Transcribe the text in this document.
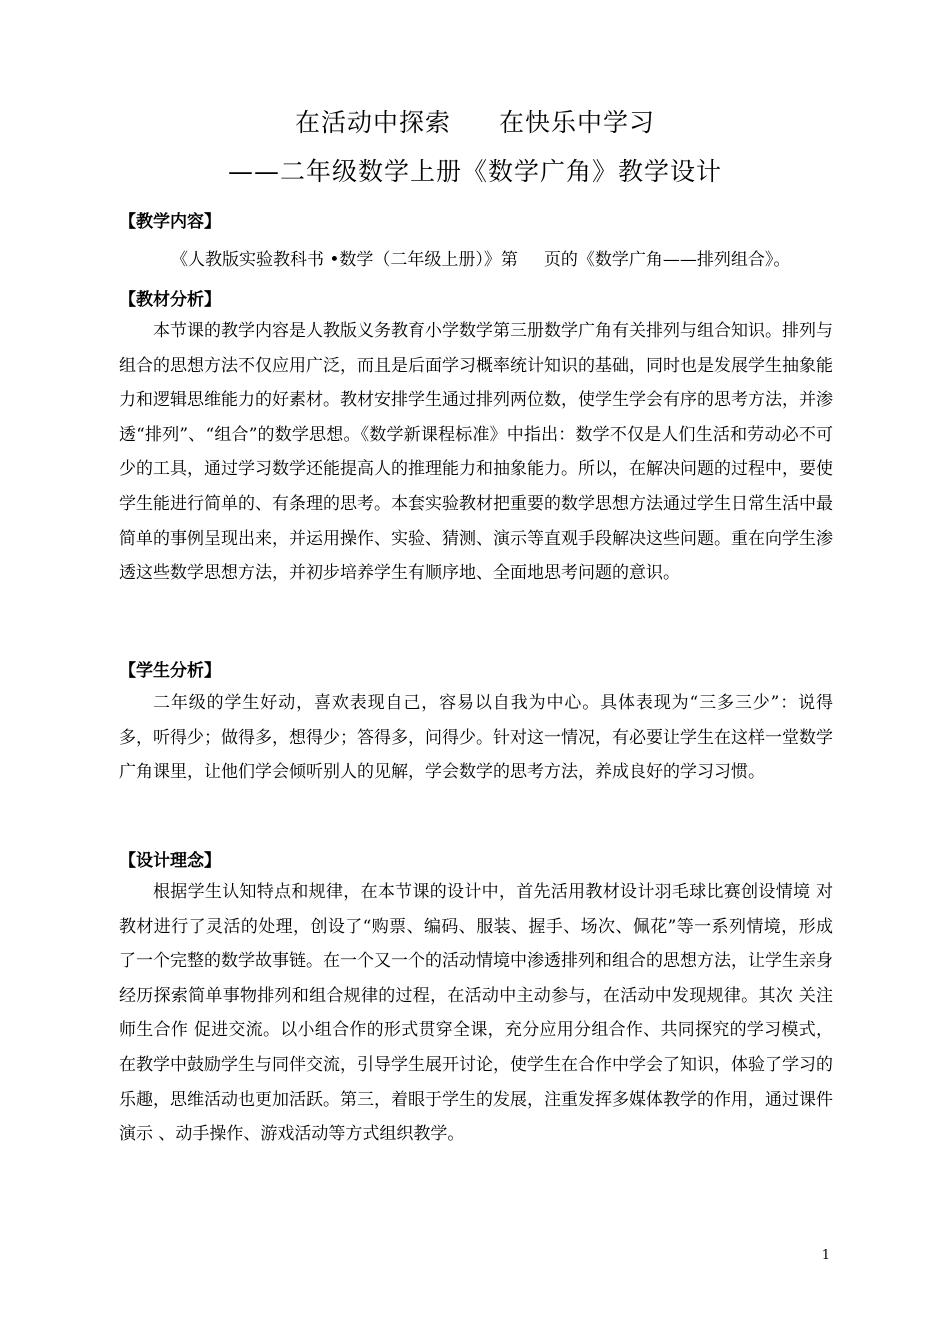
在活动中探索 在快乐中学习
——二年级数学上册《数学广角》教学设计
【教学内容】
《人教版实验教科书 •数学（二年级上册）》第 页的《数学广角——排列组合》。
【教材分析】

本节课的教学内容是人教版义务教育小学数学第三册数学广角有关排列与组合知识。排列与组合的思想方法不仅应用广泛，而且是后面学习概率统计知识的基础，同时也是发展学生抽象能力和逻辑思维能力的好素材。教材安排学生通过排列两位数，使学生学会有序的思考方法，并渗透“排列”、“组合”的数学思想。《数学新课程标准》中指出：数学不仅是人们生活和劳动必不可少的工具，通过学习数学还能提高人的推理能力和抽象能力。所以，在解决问题的过程中，要使学生能进行简单的、有条理的思考。本套实验教材把重要的数学思想方法通过学生日常生活中最简单的事例呈现出来，并运用操作、实验、猜测、演示等直观手段解决这些问题。重在向学生渗透这些数学思想方法，并初步培养学生有顺序地、全面地思考问题的意识。

【学生分析】

二年级的学生好动，喜欢表现自己，容易以自我为中心。具体表现为“三多三少”：说得多，听得少；做得多，想得少；答得多，问得少。针对这一情况，有必要让学生在这样一堂数学广角课里，让他们学会倾听别人的见解，学会数学的思考方法，养成良好的学习习惯。

【设计理念】

根据学生认知特点和规律，在本节课的设计中，首先活用教材设计羽毛球比赛创设情境 对教材进行了灵活的处理，创设了“购票、编码、服装、握手、场次、佩花”等一系列情境，形成了一个完整的数学故事链。在一个又一个的活动情境中渗透排列和组合的思想方法，让学生亲身经历探索简单事物排列和组合规律的过程，在活动中主动参与，在活动中发现规律。其次 关注师生合作 促进交流。以小组合作的形式贯穿全课，充分应用分组合作、共同探究的学习模式，在教学中鼓励学生与同伴交流，引导学生展开讨论，使学生在合作中学会了知识，体验了学习的乐趣，思维活动也更加活跃。第三，着眼于学生的发展，注重发挥多媒体教学的作用，通过课件演示 、动手操作、游戏活动等方式组织教学。

1
